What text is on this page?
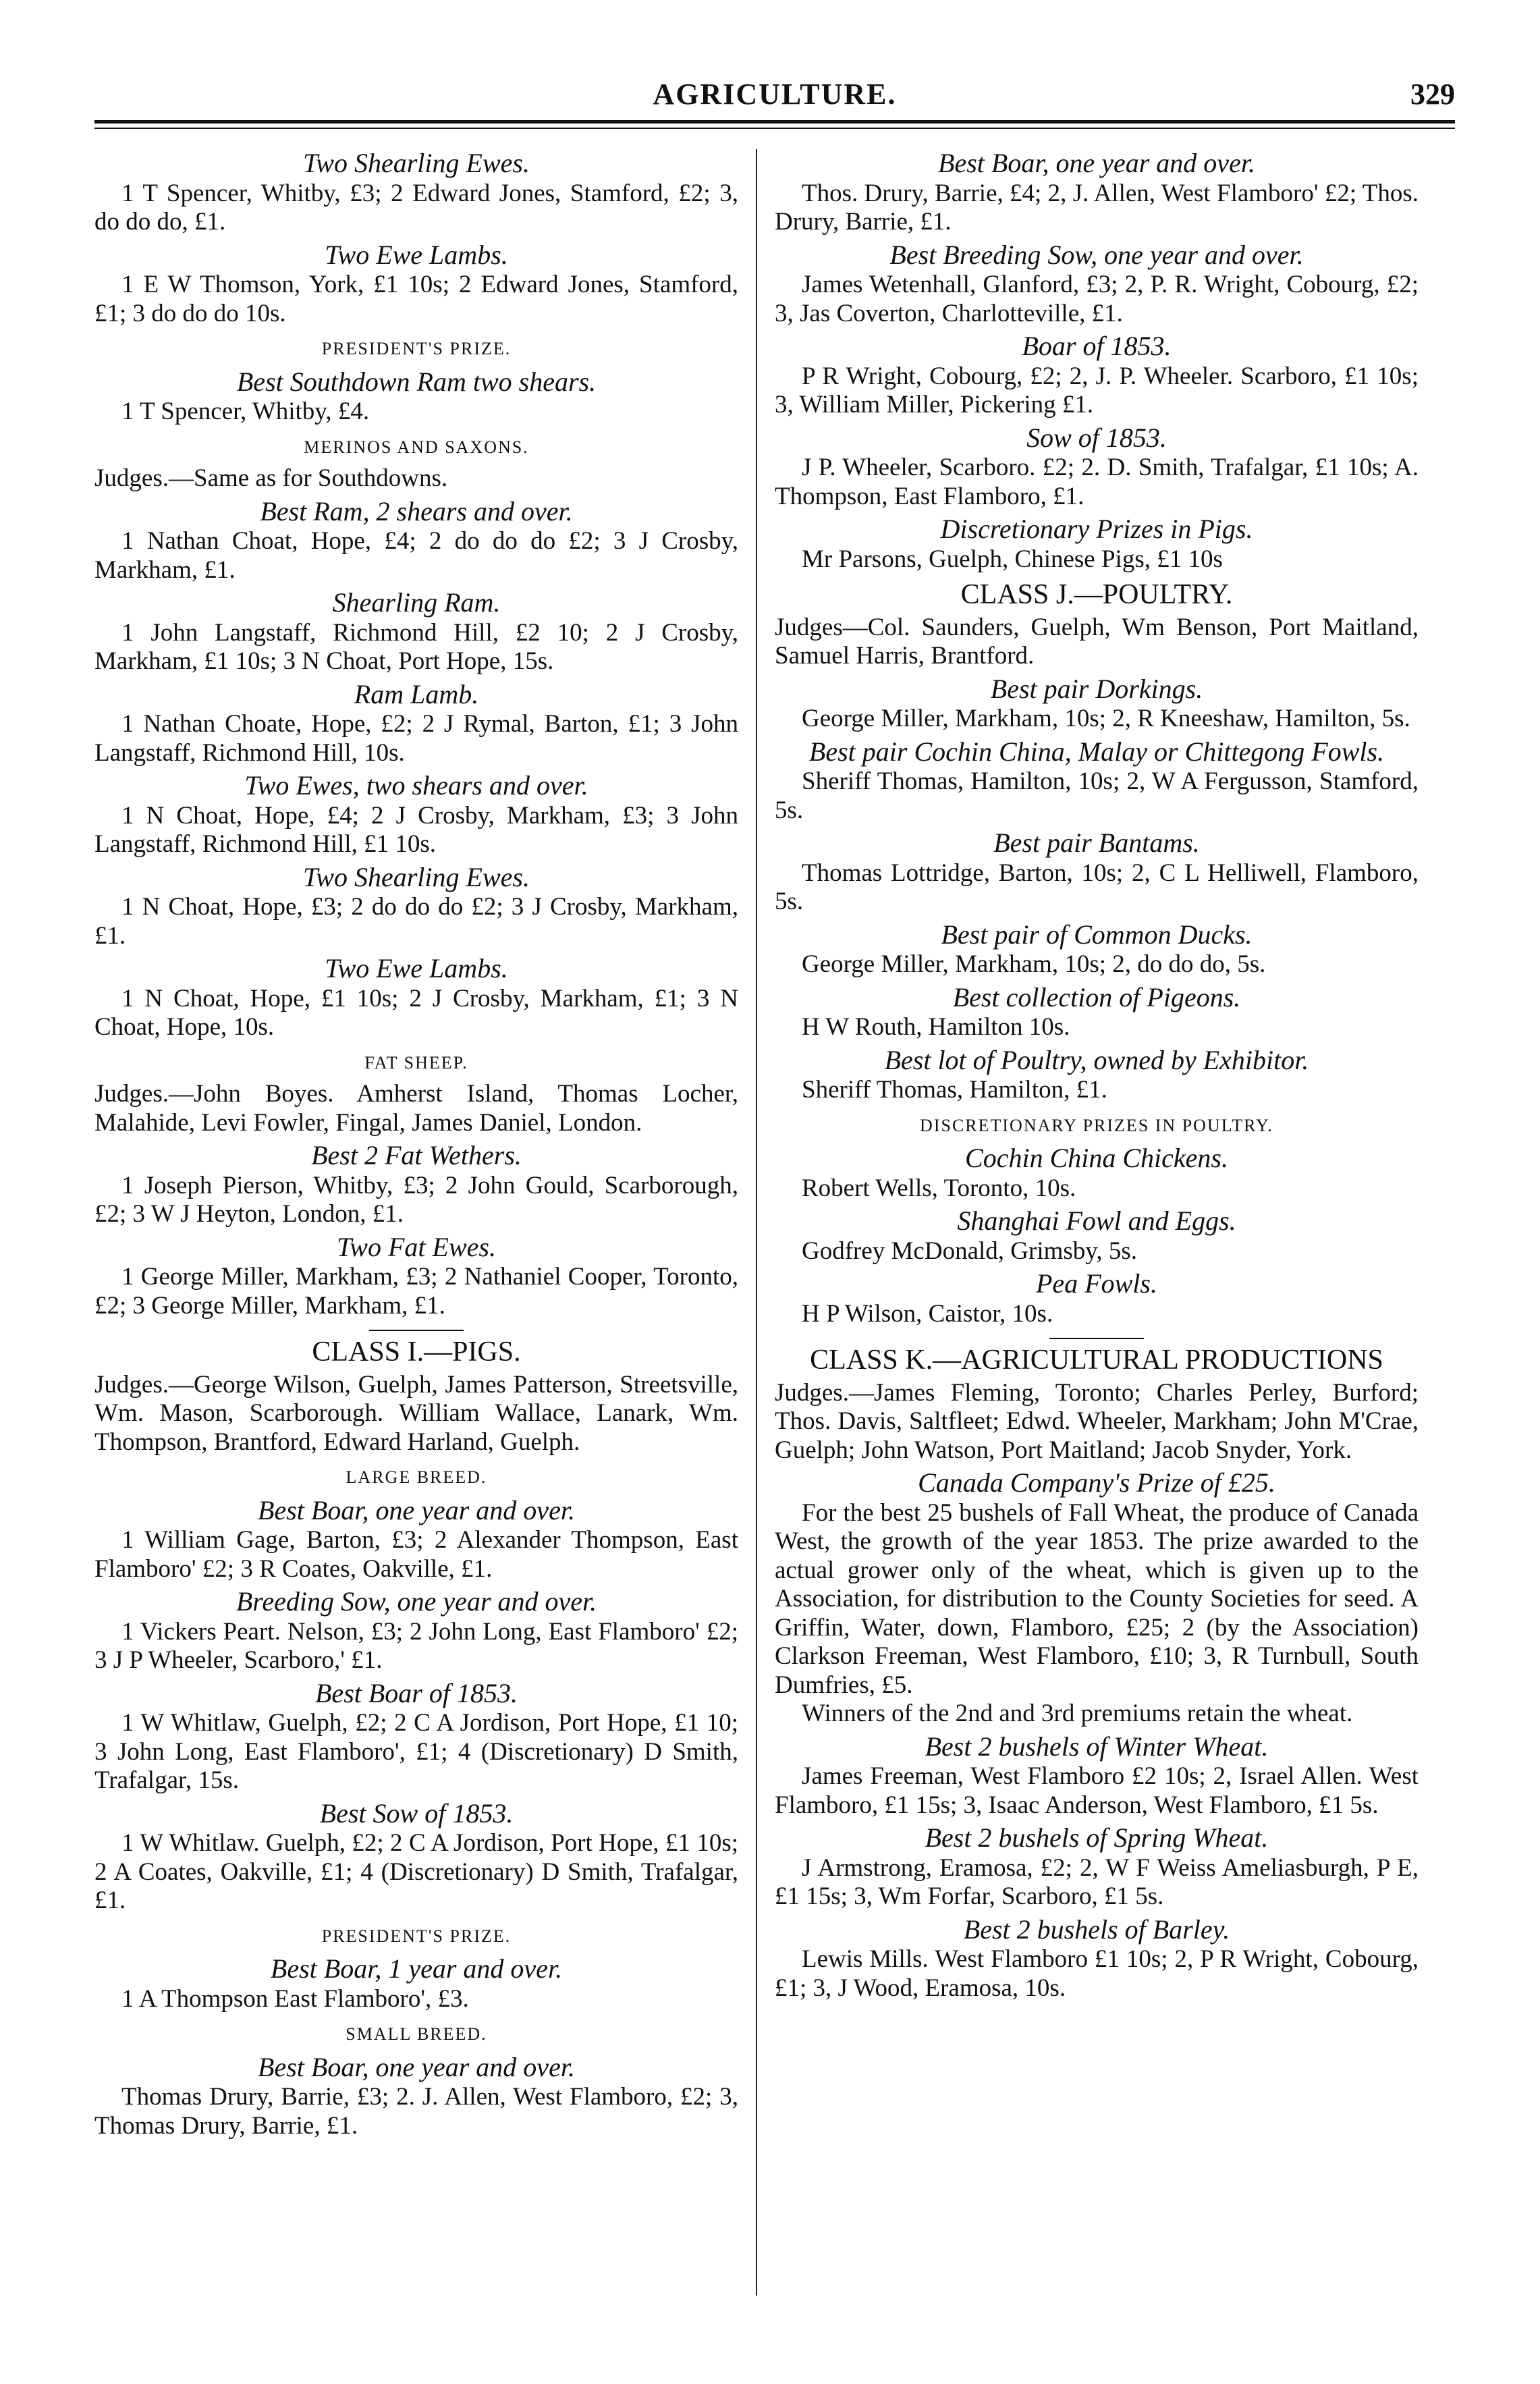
AGRICULTURE.	329
Two Shearling Ewes.
1 T Spencer, Whitby, £3; 2 Edward Jones, Stamford, £2; 3, do do do, £1.
Two Ewe Lambs.
1 E W Thomson, York, £1 10s; 2 Edward Jones, Stamford, £1; 3 do do do 10s.
PRESIDENT'S PRIZE.
Best Southdown Ram two shears.
1 T Spencer, Whitby, £4.
MERINOS AND SAXONS.
Judges.—Same as for Southdowns.
Best Ram, 2 shears and over.
1 Nathan Choat, Hope, £4; 2 do do do £2; 3 J Crosby, Markham, £1.
Shearling Ram.
1 John Langstaff, Richmond Hill, £2 10; 2 J Crosby, Markham, £1 10s; 3 N Choat, Port Hope, 15s.
Ram Lamb.
1 Nathan Choate, Hope, £2; 2 J Rymal, Barton, £1; 3 John Langstaff, Richmond Hill, 10s.
Two Ewes, two shears and over.
1 N Choat, Hope, £4; 2 J Crosby, Markham, £3; 3 John Langstaff, Richmond Hill, £1 10s.
Two Shearling Ewes.
1 N Choat, Hope, £3; 2 do do do £2; 3 J Crosby, Markham, £1.
Two Ewe Lambs.
1 N Choat, Hope, £1 10s; 2 J Crosby, Markham, £1; 3 N Choat, Hope, 10s.
FAT SHEEP.
Judges.—John Boyes. Amherst Island, Thomas Locher, Malahide, Levi Fowler, Fingal, James Daniel, London.
Best 2 Fat Wethers.
1 Joseph Pierson, Whitby, £3; 2 John Gould, Scarborough, £2; 3 W J Heyton, London, £1.
Two Fat Ewes.
1 George Miller, Markham, £3; 2 Nathaniel Cooper, Toronto, £2; 3 George Miller, Markham, £1.
CLASS I.—PIGS.
Judges.—George Wilson, Guelph, James Patterson, Streetsville, Wm. Mason, Scarborough. William Wallace, Lanark, Wm. Thompson, Brantford, Edward Harland, Guelph.
LARGE BREED.
Best Boar, one year and over.
1 William Gage, Barton, £3; 2 Alexander Thompson, East Flamboro' £2; 3 R Coates, Oakville, £1.
Breeding Sow, one year and over.
1 Vickers Peart. Nelson, £3; 2 John Long, East Flamboro' £2; 3 J P Wheeler, Scarboro,' £1.
Best Boar of 1853.
1 W Whitlaw, Guelph, £2; 2 C A Jordison, Port Hope, £1 10; 3 John Long, East Flamboro', £1; 4 (Discretionary) D Smith, Trafalgar, 15s.
Best Sow of 1853.
1 W Whitlaw. Guelph, £2; 2 C A Jordison, Port Hope, £1 10s; 2 A Coates, Oakville, £1; 4 (Discretionary) D Smith, Trafalgar, £1.
PRESIDENT'S PRIZE.
Best Boar, 1 year and over.
1 A Thompson East Flamboro', £3.
SMALL BREED.
Best Boar, one year and over.
Thomas Drury, Barrie, £3; 2. J. Allen, West Flamboro, £2; 3, Thomas Drury, Barrie, £1.
Best Boar, one year and over.
Thos. Drury, Barrie, £4; 2, J. Allen, West Flamboro' £2; Thos. Drury, Barrie, £1.
Best Breeding Sow, one year and over.
James Wetenhall, Glanford, £3; 2, P. R. Wright, Cobourg, £2; 3, Jas Coverton, Charlotteville, £1.
Boar of 1853.
P R Wright, Cobourg, £2; 2, J. P. Wheeler. Scarboro, £1 10s; 3, William Miller, Pickering £1.
Sow of 1853.
J P. Wheeler, Scarboro. £2; 2. D. Smith, Trafalgar, £1 10s; A. Thompson, East Flamboro, £1.
Discretionary Prizes in Pigs.
Mr Parsons, Guelph, Chinese Pigs, £1 10s
CLASS J.—POULTRY.
Judges—Col. Saunders, Guelph, Wm Benson, Port Maitland, Samuel Harris, Brantford.
Best pair Dorkings.
George Miller, Markham, 10s; 2, R Kneeshaw, Hamilton, 5s.
Best pair Cochin China, Malay or Chittegong Fowls.
Sheriff Thomas, Hamilton, 10s; 2, W A Fergusson, Stamford, 5s.
Best pair Bantams.
Thomas Lottridge, Barton, 10s; 2, C L Helliwell, Flamboro, 5s.
Best pair of Common Ducks.
George Miller, Markham, 10s; 2, do do do, 5s.
Best collection of Pigeons.
H W Routh, Hamilton 10s.
Best lot of Poultry, owned by Exhibitor.
Sheriff Thomas, Hamilton, £1.
DISCRETIONARY PRIZES IN POULTRY.
Cochin China Chickens.
Robert Wells, Toronto, 10s.
Shanghai Fowl and Eggs.
Godfrey McDonald, Grimsby, 5s.
Pea Fowls.
H P Wilson, Caistor, 10s.
CLASS K.—AGRICULTURAL PRODUCTIONS
Judges.—James Fleming, Toronto; Charles Perley, Burford; Thos. Davis, Saltfleet; Edwd. Wheeler, Markham; John M'Crae, Guelph; John Watson, Port Maitland; Jacob Snyder, York.
Canada Company's Prize of £25.
For the best 25 bushels of Fall Wheat, the produce of Canada West, the growth of the year 1853. The prize awarded to the actual grower only of the wheat, which is given up to the Association, for distribution to the County Societies for seed. A Griffin, Water, down, Flamboro, £25; 2 (by the Association) Clarkson Freeman, West Flamboro, £10; 3, R Turnbull, South Dumfries, £5.
Winners of the 2nd and 3rd premiums retain the wheat.
Best 2 bushels of Winter Wheat.
James Freeman, West Flamboro £2 10s; 2, Israel Allen. West Flamboro, £1 15s; 3, Isaac Anderson, West Flamboro, £1 5s.
Best 2 bushels of Spring Wheat.
J Armstrong, Eramosa, £2; 2, W F Weiss Ameliasburgh, P E, £1 15s; 3, Wm Forfar, Scarboro, £1 5s.
Best 2 bushels of Barley.
Lewis Mills. West Flamboro £1 10s; 2, P R Wright, Cobourg, £1; 3, J Wood, Eramosa, 10s.
